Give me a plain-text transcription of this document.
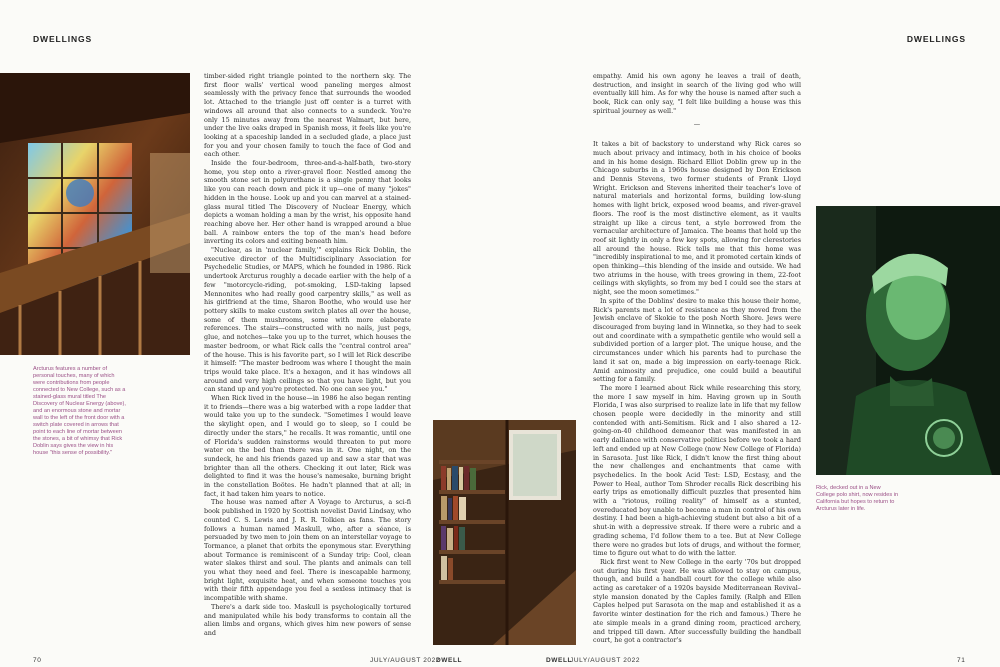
DWELLINGS	DWELLINGS
Arcturus features a number of personal touches, many of which were contributions from people connected to New College, such as a stained-glass mural titled The Discovery of Nuclear Energy (above), and an enormous stone and mortar wall to the left of the front door with a switch plate covered in arrows that point to each line of mortar between the stones, a bit of whimsy that Rick Doblin says gives the view in his house "this sense of possibility."

timber-sided right triangle pointed to the northern sky. The first floor walls' vertical wood paneling merges almost seamlessly with the privacy fence that surrounds the wooded lot. Attached to the triangle just off center is a turret with windows all around that also connects to a sundeck. You're only 15 minutes away from the nearest Walmart, but here, under the live oaks draped in Spanish moss, it feels like you're looking at a spaceship landed in a secluded glade, a place just for you and your chosen family to touch the face of God and each other.

Inside the four-bedroom, three-and-a-half-bath, two-story home, you step onto a river-gravel floor. Nestled among the smooth stone set in polyurethane is a single penny that looks like you can reach down and pick it up—one of many "jokes" hidden in the house. Look up and you can marvel at a stained-glass mural titled The Discovery of Nuclear Energy, which depicts a woman holding a man by the wrist, his opposite hand reaching above her. Her other hand is wrapped around a blue ball. A rainbow enters the top of the man's head before inverting its colors and exiting beneath him.

"Nuclear, as in 'nuclear family,'" explains Rick Doblin, the executive director of the Multidisciplinary Association for Psychedelic Studies, or MAPS, which he founded in 1986. Rick undertook Arcturus roughly a decade earlier with the help of a few "motorcycle-riding, pot-smoking, LSD-taking lapsed Mennonites who had really good carpentry skills," as well as his girlfriend at the time, Sharon Boothe, who would use her pottery skills to make custom switch plates all over the house, some of them mushrooms, some with more elaborate references. The stairs—constructed with no nails, just pegs, glue, and notches—take you up to the turret, which houses the master bedroom, or what Rick calls the "central control area" of the house. This is his favorite part, so I will let Rick describe it himself: "The master bedroom was where I thought the main trips would take place. It's a hexagon, and it has windows all around and very high ceilings so that you have light, but you can stand up and you're protected. No one can see you."

When Rick lived in the house—in 1986 he also began renting it to friends—there was a big waterbed with a rope ladder that would take you up to the sundeck. "Sometimes I would leave the skylight open, and I would go to sleep, so I could be directly under the stars," he recalls. It was romantic, until one of Florida's sudden rainstorms would threaten to put more water on the bed than there was in it. One night, on the sundeck, he and his friends gazed up and saw a star that was brighter than all the others. Checking it out later, Rick was delighted to find it was the house's namesake, burning bright in the constellation Boötes. He hadn't planned that at all; in fact, it had taken him years to notice.

The house was named after A Voyage to Arcturus, a sci-fi book published in 1920 by Scottish novelist David Lindsay, who counted C. S. Lewis and J. R. R. Tolkien as fans. The story follows a human named Maskull, who, after a séance, is persuaded by two men to join them on an interstellar voyage to Tormance, a planet that orbits the eponymous star. Everything about Tormance is reminiscent of a Sunday trip: Cool, clean water slakes thirst and soul. The plants and animals can tell you what they need and feel. There is inescapable harmony, bright light, exquisite heat, and when someone touches you with their fifth appendage you feel a sexless intimacy that is incompatible with shame.

There's a dark side too. Maskull is psychologically tortured and manipulated while his body transforms to contain all the alien limbs and organs, which gives him new powers of sense and

empathy. Amid his own agony he leaves a trail of death, destruction, and insight in search of the living god who will eventually kill him. As for why the house is named after such a book, Rick can only say, "I felt like building a house was this spiritual journey as well."

—

It takes a bit of backstory to understand why Rick cares so much about privacy and intimacy, both in his choice of books and in his home design. Richard Elliot Doblin grew up in the Chicago suburbs in a 1960s house designed by Don Erickson and Dennis Stevens, two former students of Frank Lloyd Wright. Erickson and Stevens inherited their teacher's love of natural materials and horizontal forms, building low-slung homes with light brick, exposed wood beams, and river-gravel floors. The roof is the most distinctive element, as it vaults straight up like a circus tent, a style borrowed from the vernacular architecture of Jamaica. The beams that hold up the roof sit lightly in only a few key spots, allowing for clerestories all around the house. Rick tells me that this home was "incredibly inspirational to me, and it promoted certain kinds of open thinking—this blending of the inside and outside. We had two atriums in the house, with trees growing in them, 22-foot ceilings with skylights, so from my bed I could see the stars at night, see the moon sometimes."

In spite of the Doblins' desire to make this house their home, Rick's parents met a lot of resistance as they moved from the Jewish enclave of Skokie to the posh North Shore. Jews were discouraged from buying land in Winnetka, so they had to seek out and coordinate with a sympathetic gentile who would sell a subdivided portion of a larger plot. The unique house, and the circumstances under which his parents had to purchase the land it sat on, made a big impression on early-teenage Rick. Amid animosity and prejudice, one could build a beautiful setting for a family.

The more I learned about Rick while researching this story, the more I saw myself in him. Having grown up in South Florida, I was also surprised to realize late in life that my fellow chosen people were decidedly in the minority and still contended with anti-Semitism. Rick and I also shared a 12-going-on-40 childhood demeanor that was manifested in an early dalliance with conservative politics before we took a hard left and ended up at New College (now New College of Florida) in Sarasota. Just like Rick, I didn't know the first thing about the new challenges and enchantments that came with psychedelics. In the book Acid Test: LSD, Ecstasy, and the Power to Heal, author Tom Shroder recalls Rick describing his early trips as emotionally difficult puzzles that presented him with a "riotous, roiling reality" of himself as a stunted, overeducated boy unable to become a man in control of his own destiny. I had been a high-achieving student but also a bit of a shut-in with a depressive streak. If there were a rubric and a grading schema, I'd follow them to a tee. But at New College there were no grades but lots of drugs, and without the former, time to figure out what to do with the latter.

Rick first went to New College in the early '70s but dropped out during his first year. He was allowed to stay on campus, though, and build a handball court for the college while also acting as caretaker of a 1920s bayside Mediterranean Revival–style mansion donated by the Caples family. (Ralph and Ellen Caples helped put Sarasota on the map and established it as a favorite winter destination for the rich and famous.) There he ate simple meals in a grand dining room, practiced archery, and tripped till dawn. After successfully building the handball court, he got a contractor's

Rick, decked out in a New College polo shirt, now resides in California but hopes to return to Arcturus later in life.
70	JULY/AUGUST 2022
DWELL	DWELL
JULY/AUGUST 2022	71
